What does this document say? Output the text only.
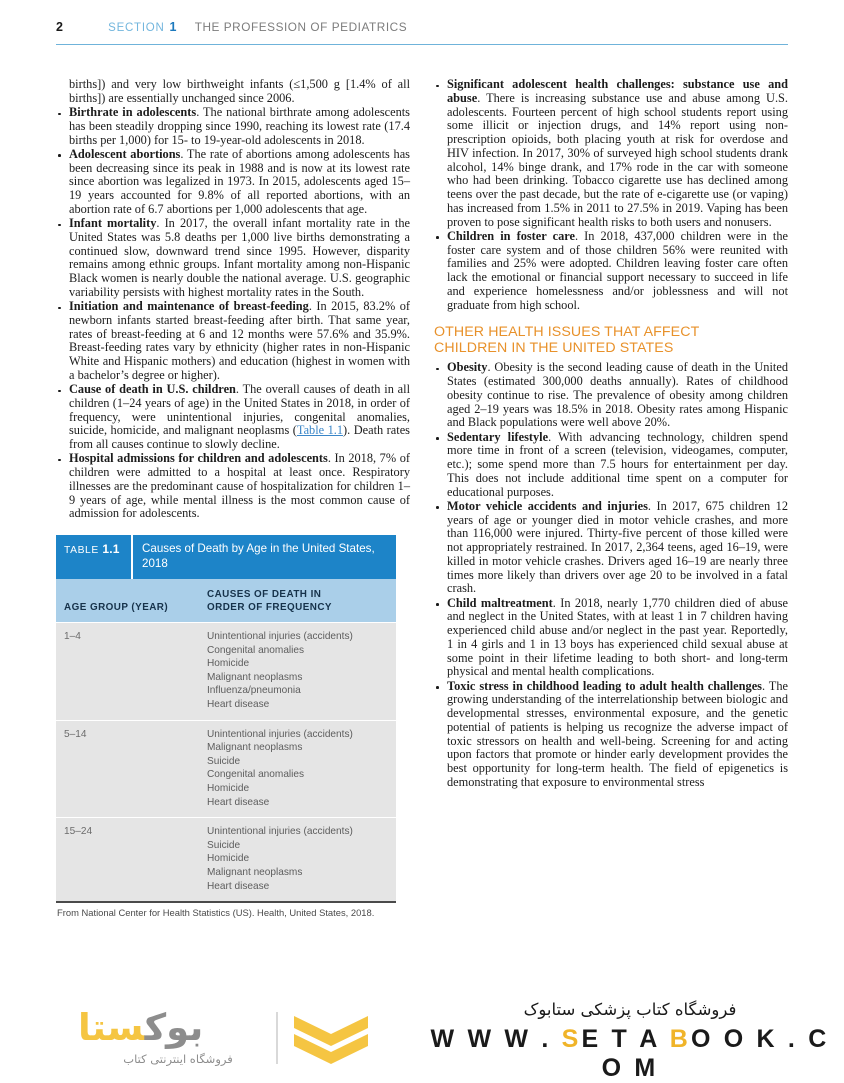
2	SECTION 1 THE PROFESSION OF PEDIATRICS
births]) and very low birthweight infants (≤1,500 g [1.4% of all births]) are essentially unchanged since 2006.
Birthrate in adolescents. The national birthrate among adolescents has been steadily dropping since 1990, reaching its lowest rate (17.4 births per 1,000) for 15- to 19-year-old adolescents in 2018.
Adolescent abortions. The rate of abortions among adolescents has been decreasing since its peak in 1988 and is now at its lowest rate since abortion was legalized in 1973. In 2015, adolescents aged 15–19 years accounted for 9.8% of all reported abortions, with an abortion rate of 6.7 abortions per 1,000 adolescents that age.
Infant mortality. In 2017, the overall infant mortality rate in the United States was 5.8 deaths per 1,000 live births demonstrating a continued slow, downward trend since 1995. However, disparity remains among ethnic groups. Infant mortality among non-Hispanic Black women is nearly double the national average. U.S. geographic variability persists with highest mortality rates in the South.
Initiation and maintenance of breast-feeding. In 2015, 83.2% of newborn infants started breast-feeding after birth. That same year, rates of breast-feeding at 6 and 12 months were 57.6% and 35.9%. Breast-feeding rates vary by ethnicity (higher rates in non-Hispanic White and Hispanic mothers) and education (highest in women with a bachelor’s degree or higher).
Cause of death in U.S. children. The overall causes of death in all children (1–24 years of age) in the United States in 2018, in order of frequency, were unintentional injuries, congenital anomalies, suicide, homicide, and malignant neoplasms (Table 1.1). Death rates from all causes continue to slowly decline.
Hospital admissions for children and adolescents. In 2018, 7% of children were admitted to a hospital at least once. Respiratory illnesses are the predominant cause of hospitalization for children 1–9 years of age, while mental illness is the most common cause of admission for adolescents.
TABLE 1.1	Causes of Death by Age in the United States, 2018
AGE GROUP (YEAR)
CAUSES OF DEATH IN
ORDER OF FREQUENCY
1–4	Unintentional injuries (accidents)
Congenital anomalies
Homicide
Malignant neoplasms
Influenza/pneumonia
Heart disease
5–14	Unintentional injuries (accidents)
Malignant neoplasms
Suicide
Congenital anomalies
Homicide
Heart disease
15–24	Unintentional injuries (accidents)
Suicide
Homicide
Malignant neoplasms
Heart disease
From National Center for Health Statistics (US). Health, United States, 2018.
Significant adolescent health challenges: substance use and abuse. There is increasing substance use and abuse among U.S. adolescents. Fourteen percent of high school students report using some illicit or injection drugs, and 14% report using non-prescription opioids, both placing youth at risk for overdose and HIV infection. In 2017, 30% of surveyed high school students drank alcohol, 14% binge drank, and 17% rode in the car with someone who had been drinking. Tobacco cigarette use has declined among teens over the past decade, but the rate of e-cigarette use (or vaping) has increased from 1.5% in 2011 to 27.5% in 2019. Vaping has been proven to pose significant health risks to both users and nonusers.
Children in foster care. In 2018, 437,000 children were in the foster care system and of those children 56% were reunited with families and 25% were adopted. Children leaving foster care often lack the emotional or financial support necessary to succeed in life and experience homelessness and/or joblessness and will not graduate from high school.
OTHER HEALTH ISSUES THAT AFFECT
CHILDREN IN THE UNITED STATES
Obesity. Obesity is the second leading cause of death in the United States (estimated 300,000 deaths annually). Rates of childhood obesity continue to rise. The prevalence of obesity among children aged 2–19 years was 18.5% in 2018. Obesity rates among Hispanic and Black populations were well above 20%.
Sedentary lifestyle. With advancing technology, children spend more time in front of a screen (television, videogames, computer, etc.); some spend more than 7.5 hours for entertainment per day. This does not include additional time spent on a computer for educational purposes.
Motor vehicle accidents and injuries. In 2017, 675 children 12 years of age or younger died in motor vehicle crashes, and more than 116,000 were injured. Thirty-five percent of those killed were not appropriately restrained. In 2017, 2,364 teens, aged 16–19, were killed in motor vehicle crashes. Drivers aged 16–19 are nearly three times more likely than drivers over age 20 to be involved in a fatal crash.
Child maltreatment. In 2018, nearly 1,770 children died of abuse and neglect in the United States, with at least 1 in 7 children having experienced child abuse and/or neglect in the past year. Reportedly, 1 in 4 girls and 1 in 13 boys has experienced child sexual abuse at some point in their lifetime leading to both short- and long-term physical and mental health complications.
Toxic stress in childhood leading to adult health challenges. The growing understanding of the interrelationship between biologic and developmental stresses, environmental exposure, and the genetic potential of patients is helping us recognize the adverse impact of toxic stressors on health and well-being. Screening for and acting upon factors that promote or hinder early development provides the best opportunity for long-term health. The field of epigenetics is demonstrating that exposure to environmental stress
بوکستا
فروشگاه اینترنتی کتاب
فروشگاه کتاب پزشکی ستابوک
W W W . SE T A BO O K . C O M
